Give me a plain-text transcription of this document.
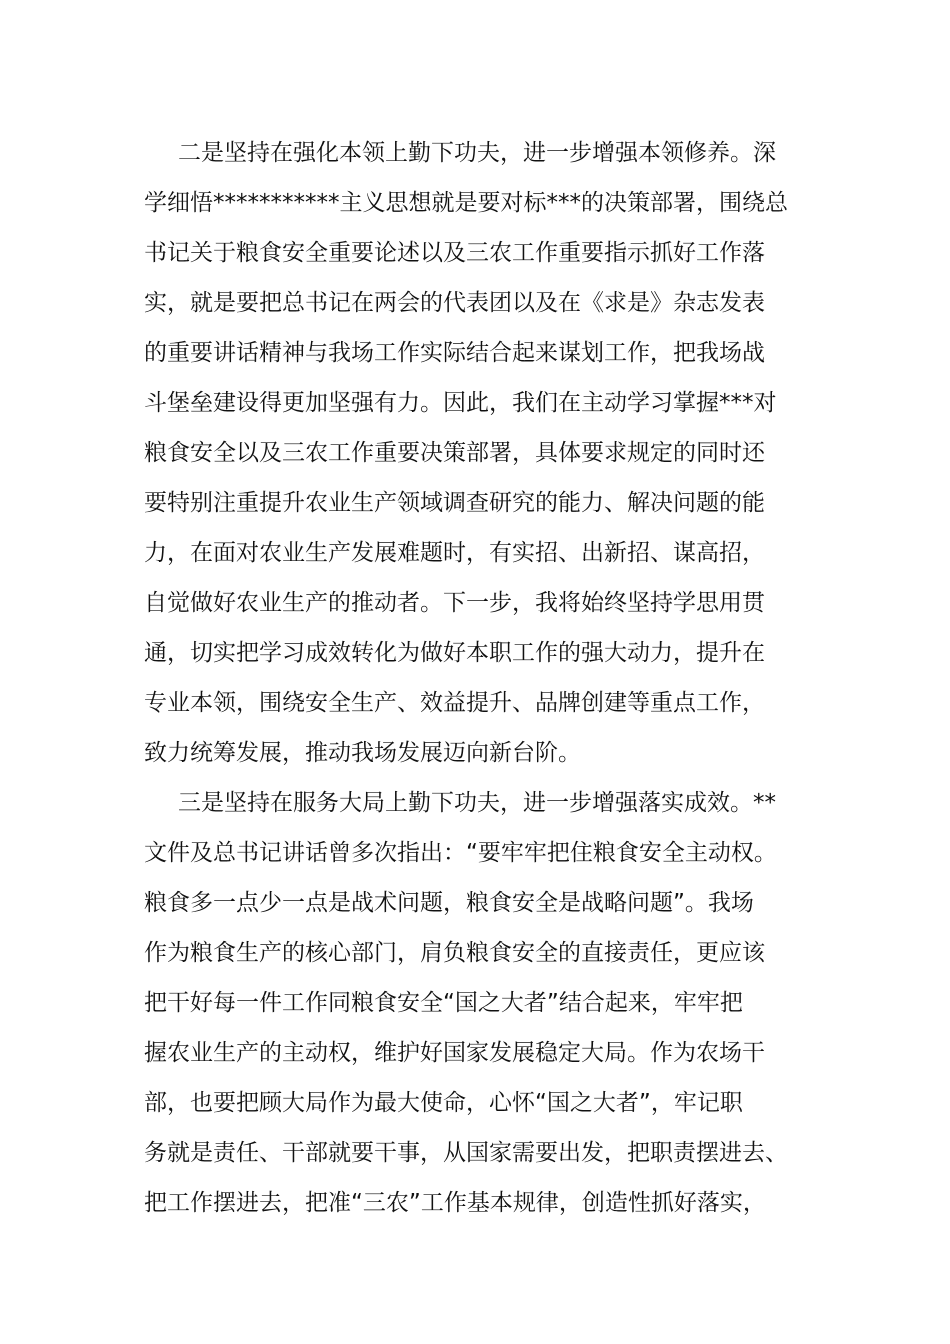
二是坚持在强化本领上勤下功夫，进一步增强本领修养。深
学细悟***********主义思想就是要对标***的决策部署，围绕总
书记关于粮食安全重要论述以及三农工作重要指示抓好工作落
实，就是要把总书记在两会的代表团以及在《求是》杂志发表
的重要讲话精神与我场工作实际结合起来谋划工作，把我场战
斗堡垒建设得更加坚强有力。因此，我们在主动学习掌握***对
粮食安全以及三农工作重要决策部署，具体要求规定的同时还
要特别注重提升农业生产领域调查研究的能力、解决问题的能
力，在面对农业生产发展难题时，有实招、出新招、谋高招，
自觉做好农业生产的推动者。下一步，我将始终坚持学思用贯
通，切实把学习成效转化为做好本职工作的强大动力，提升在
专业本领，围绕安全生产、效益提升、品牌创建等重点工作，
致力统筹发展，推动我场发展迈向新台阶。
三是坚持在服务大局上勤下功夫，进一步增强落实成效。**
文件及总书记讲话曾多次指出：“要牢牢把住粮食安全主动权。
粮食多一点少一点是战术问题，粮食安全是战略问题”。我场
作为粮食生产的核心部门，肩负粮食安全的直接责任，更应该
把干好每一件工作同粮食安全“国之大者”结合起来，牢牢把
握农业生产的主动权，维护好国家发展稳定大局。作为农场干
部，也要把顾大局作为最大使命，心怀“国之大者”，牢记职
务就是责任、干部就要干事，从国家需要出发，把职责摆进去、
把工作摆进去，把准“三农”工作基本规律，创造性抓好落实，
